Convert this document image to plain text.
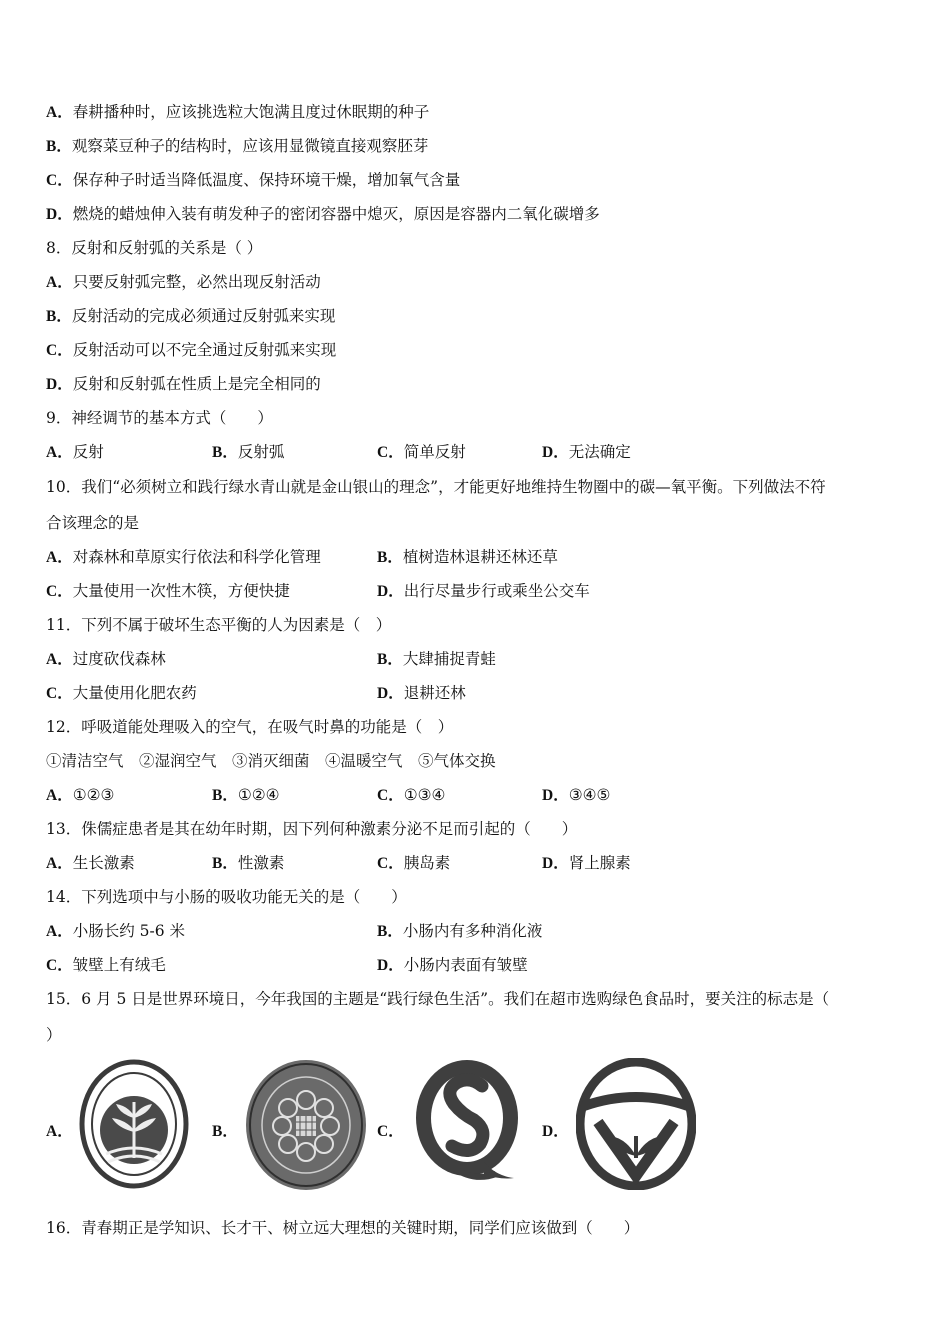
A．春耕播种时，应该挑选粒大饱满且度过休眠期的种子
B．观察菜豆种子的结构时，应该用显微镜直接观察胚芽
C．保存种子时适当降低温度、保持环境干燥，增加氧气含量
D．燃烧的蜡烛伸入装有萌发种子的密闭容器中熄灭，原因是容器内二氧化碳增多
8．反射和反射弧的关系是（ ）
A．只要反射弧完整，必然出现反射活动
B．反射活动的完成必须通过反射弧来实现
C．反射活动可以不完全通过反射弧来实现
D．反射和反射弧在性质上是完全相同的
9．神经调节的基本方式（　　）
A．反射	B．反射弧	C．简单反射	D．无法确定
10．我们“必须树立和践行绿水青山就是金山银山的理念”，才能更好地维持生物圈中的碳—氧平衡。下列做法不符
合该理念的是
A．对森林和草原实行依法和科学化管理	B．植树造林退耕还林还草
C．大量使用一次性木筷，方便快捷	D．出行尽量步行或乘坐公交车
11．下列不属于破坏生态平衡的人为因素是（　）
A．过度砍伐森林	B．大肆捕捉青蛙
C．大量使用化肥农药	D．退耕还林
12．呼吸道能处理吸入的空气，在吸气时鼻的功能是（　）
①清洁空气　②湿润空气　③消灭细菌　④温暖空气　⑤气体交换
A．①②③	B．①②④	C．①③④	D．③④⑤
13．侏儒症患者是其在幼年时期，因下列何种激素分泌不足而引起的（　　）
A．生长激素	B．性激素	C．胰岛素	D．肾上腺素
14．下列选项中与小肠的吸收功能无关的是（　　）
A．小肠长约 5-6 米	B．小肠内有多种消化液
C．皱壁上有绒毛	D．小肠内表面有皱壁
15．6 月 5 日是世界环境日，今年我国的主题是“践行绿色生活”。我们在超市选购绿色食品时，要关注的标志是（
）
A．	B．	C．	D．
16．青春期正是学知识、长才干、树立远大理想的关键时期，同学们应该做到（　　）
